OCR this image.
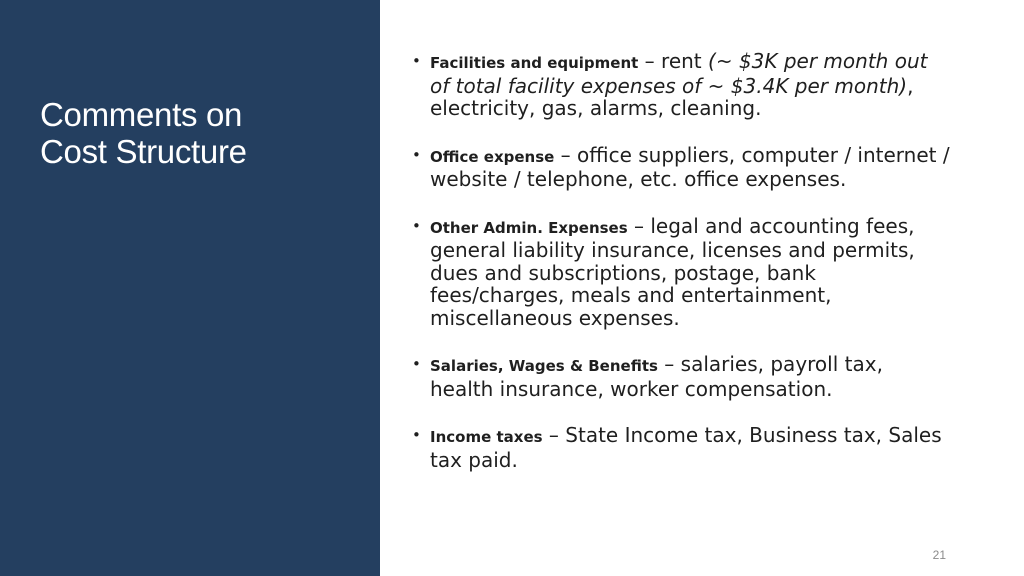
Comments on
Cost Structure
• Facilities and equipment – rent (~ $3K per month out of total facility expenses of ~ $3.4K per month), electricity, gas, alarms, cleaning.
• Office expense – office suppliers, computer / internet / website / telephone, etc. office expenses.
• Other Admin. Expenses – legal and accounting fees, general liability insurance, licenses and permits, dues and subscriptions, postage, bank fees/charges, meals and entertainment, miscellaneous expenses.
• Salaries, Wages & Benefits – salaries, payroll tax, health insurance, worker compensation.
• Income taxes – State Income tax, Business tax, Sales tax paid.
21
